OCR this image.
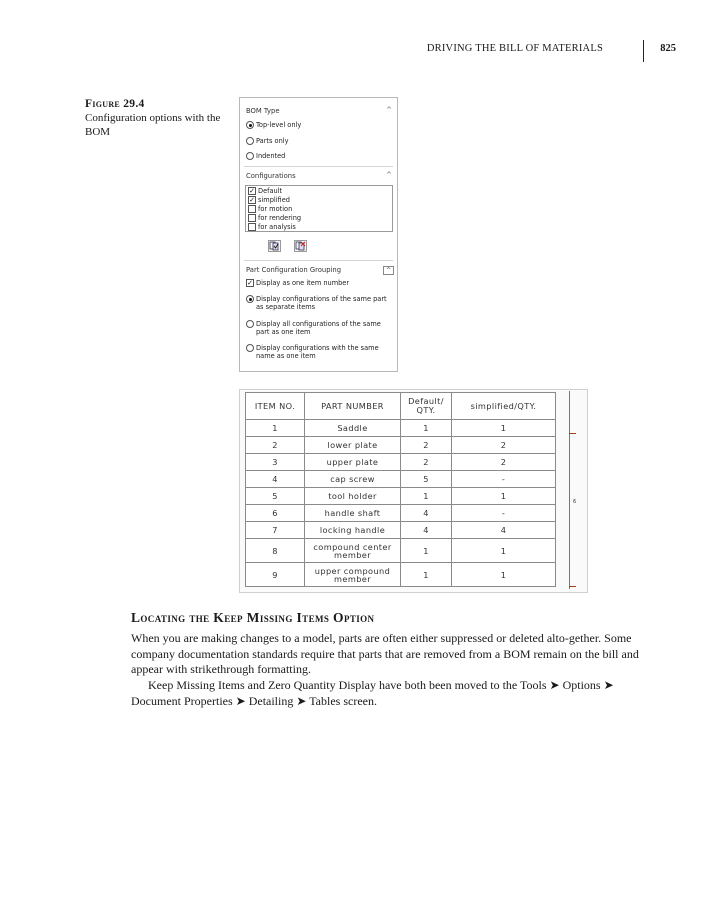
DRIVING THE BILL OF MATERIALS	825
Figure 29.4
Configuration options with the BOM
BOM Type	^
Top-level only
Parts only
Indented
Configurations	^
✓ Default
✓ simplified
for motion
for rendering
for analysis
Part Configuration Grouping	^
✓ Display as one item number
Display configurations of the same part
as separate items
Display all configurations of the same
part as one item
Display configurations with the same
name as one item
ITEM NO.	PART NUMBER	Default/ QTY.	simplified/QTY.
1	Saddle	1	1
2	lower plate	2	2
3	upper plate	2	2
4	cap screw	5	-
5	tool holder	1	1
6	handle shaft	4	-
7	locking handle	4	4
8	compound center member	1	1
9	upper compound member	1	1
6
Locating the Keep Missing Items Option
When you are making changes to a model, parts are often either suppressed or deleted alto-gether. Some company documentation standards require that parts that are removed from a BOM remain on the bill and appear with strikethrough formatting.
Keep Missing Items and Zero Quantity Display have both been moved to the Tools ➤ Options ➤ Document Properties ➤ Detailing ➤ Tables screen.
